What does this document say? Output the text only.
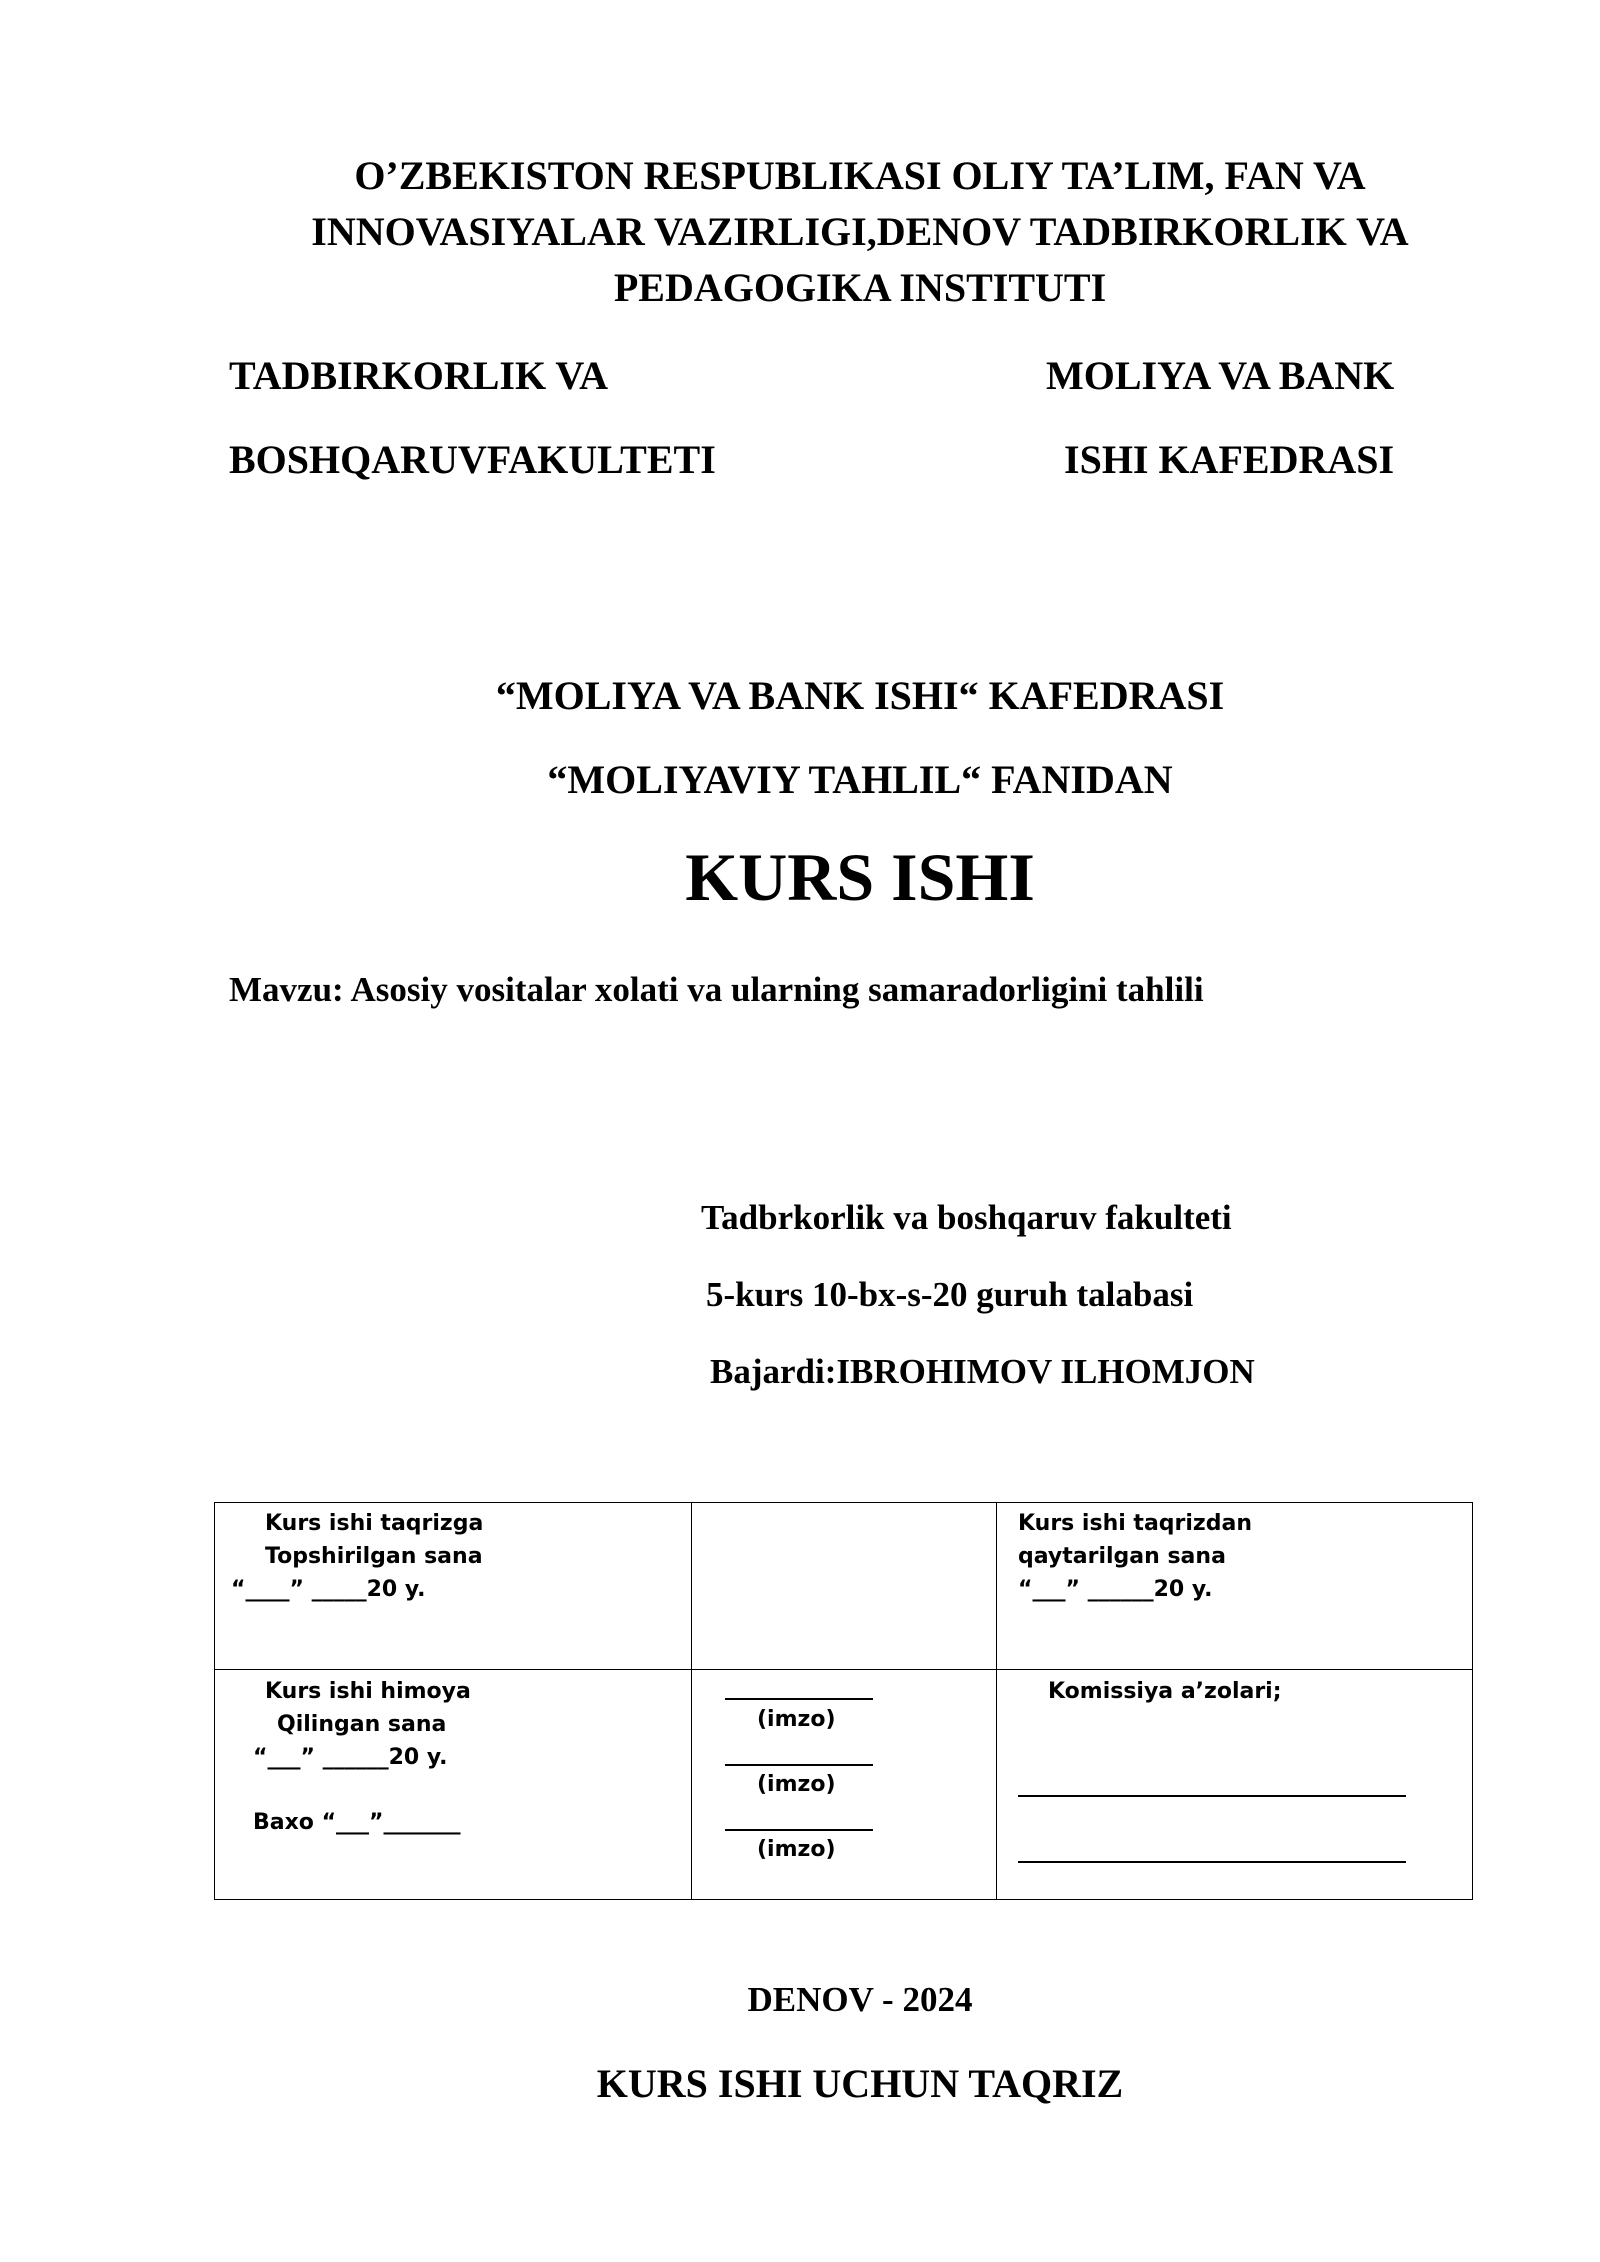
O’ZBEKISTON RESPUBLIKASI OLIY TA’LIM, FAN VA
INNOVASIYALAR VAZIRLIGI,DENOV TADBIRKORLIK VA
PEDAGOGIKA INSTITUTI
TADBIRKORLIK VA
BOSHQARUVFAKULTETI
MOLIYA VA BANK
ISHI KAFEDRASI
“MOLIYA VA BANK ISHI“ KAFEDRASI
“MOLIYAVIY TAHLIL“ FANIDAN
KURS ISHI
Mavzu: Asosiy vositalar xolati va ularning samaradorligini tahlili
Tadbrkorlik va boshqaruv fakulteti
5-kurs 10-bx-s-20 guruh talabasi
Bajardi:IBROHIMOV ILHOMJON
Kurs ishi taqrizga
Topshirilgan sana
“____” _____20 y.
Kurs ishi taqrizdan
qaytarilgan sana
“___” ______20 y.
Kurs ishi himoya
Qilingan sana
“___” ______20 y.
Baxo “___”_______
(imzo)
(imzo)
(imzo)
Komissiya a’zolari;
DENOV - 2024
KURS ISHI UCHUN TAQRIZ
